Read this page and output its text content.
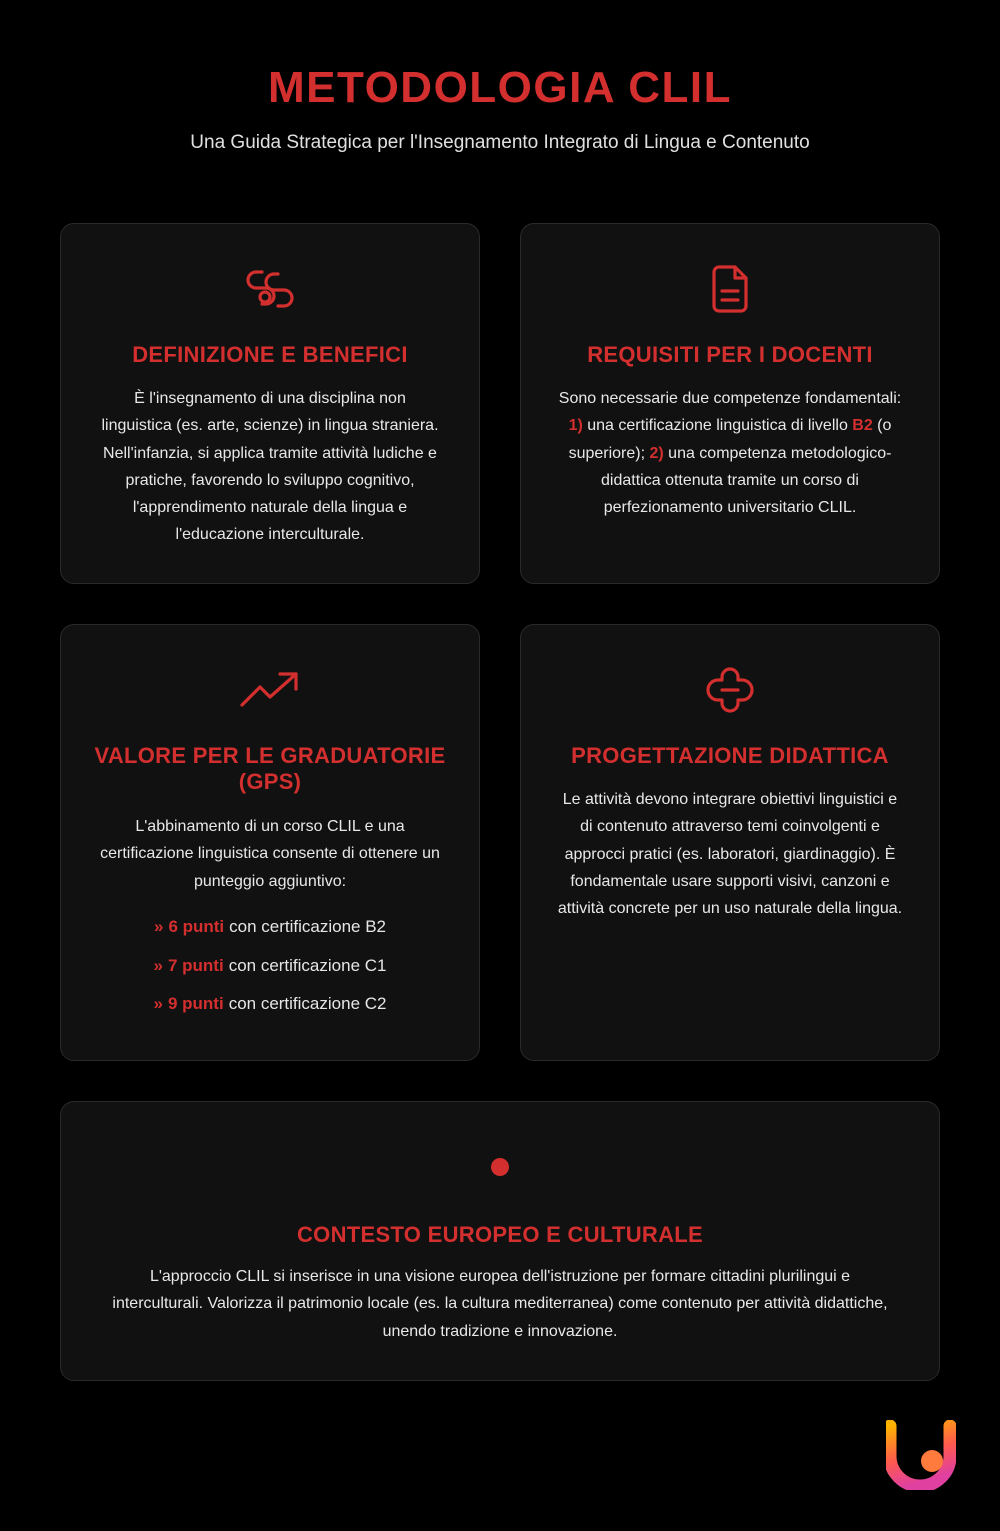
METODOLOGIA CLIL

Una Guida Strategica per l'Insegnamento Integrato di Lingua e Contenuto

DEFINIZIONE E BENEFICI

È l'insegnamento di una disciplina non linguistica (es. arte, scienze) in lingua straniera. Nell'infanzia, si applica tramite attività ludiche e pratiche, favorendo lo sviluppo cognitivo, l'apprendimento naturale della lingua e l'educazione interculturale.

REQUISITI PER I DOCENTI

Sono necessarie due competenze fondamentali: 1) una certificazione linguistica di livello B2 (o superiore); 2) una competenza metodologico-didattica ottenuta tramite un corso di perfezionamento universitario CLIL.

VALORE PER LE GRADUATORIE (GPS)

L'abbinamento di un corso CLIL e una certificazione linguistica consente di ottenere un punteggio aggiuntivo:

» 6 punti con certificazione B2
» 7 punti con certificazione C1
» 9 punti con certificazione C2
PROGETTAZIONE DIDATTICA

Le attività devono integrare obiettivi linguistici e di contenuto attraverso temi coinvolgenti e approcci pratici (es. laboratori, giardinaggio). È fondamentale usare supporti visivi, canzoni e attività concrete per un uso naturale della lingua.

CONTESTO EUROPEO E CULTURALE

L'approccio CLIL si inserisce in una visione europea dell'istruzione per formare cittadini plurilingui e interculturali. Valorizza il patrimonio locale (es. la cultura mediterranea) come contenuto per attività didattiche, unendo tradizione e innovazione.
